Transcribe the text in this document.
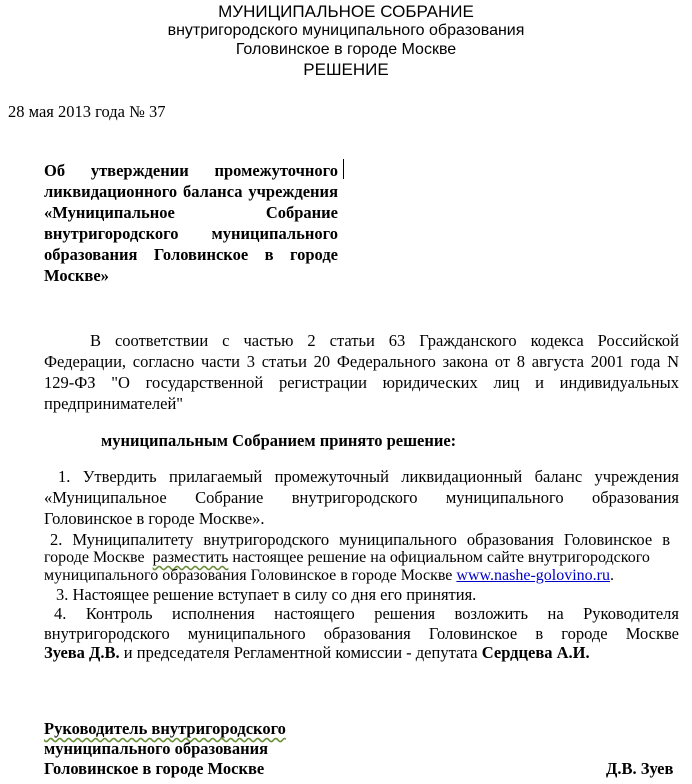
МУНИЦИПАЛЬНОЕ СОБРАНИЕ
внутригородского муниципального образования
Головинское в городе Москве
РЕШЕНИЕ
28 мая 2013 года № 37
Об утверждении промежуточного
ликвидационного баланса учреждения
«Муниципальное Собрание
внутригородского муниципального
образования Головинское в городе
Москве»
В соответствии с частью 2 статьи 63 Гражданского кодекса Российской
Федерации, согласно части 3 статьи 20 Федерального закона от 8 августа 2001 года N
129-ФЗ "О государственной регистрации юридических лиц и индивидуальных
предпринимателей"
муниципальным Собранием принято решение:
1. Утвердить прилагаемый промежуточный ликвидационный баланс учреждения
«Муниципальное Собрание внутригородского муниципального образования
Головинское в городе Москве».
2. Муниципалитету внутригородского муниципального образования Головинское в
городе Москве разместить настоящее решение на официальном сайте внутригородского
муниципального образования Головинское в городе Москве www.nashe-golovino.ru.
3. Настоящее решение вступает в силу со дня его принятия.
4. Контроль исполнения настоящего решения возложить на Руководителя
внутригородского муниципального образования Головинское в городе Москве
Зуева Д.В. и председателя Регламентной комиссии - депутата Сердцева А.И.
Руководитель внутригородского
муниципального образования
Головинское в городе Москве	Д.В. Зуев
